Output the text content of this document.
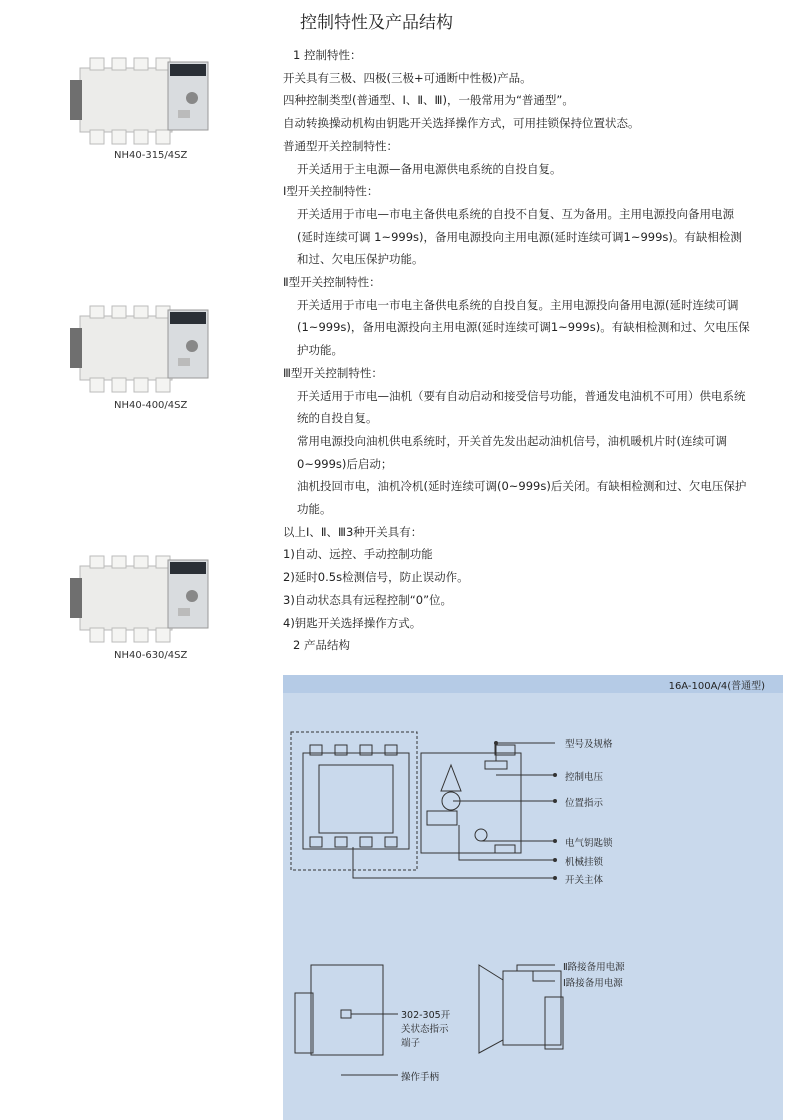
控制特性及产品结构
NH40-315/4SZ
NH40-400/4SZ
NH40-630/4SZ

1 控制特性：

开关具有三极、四极(三极+可通断中性极)产品。

四种控制类型(普通型、Ⅰ、Ⅱ、Ⅲ)，一般常用为“普通型”。

自动转换操动机构由钥匙开关选择操作方式，可用挂锁保持位置状态。

普通型开关控制特性：

开关适用于主电源—备用电源供电系统的自投自复。

Ⅰ型开关控制特性：

开关适用于市电—市电主备供电系统的自投不自复、互为备用。主用电源投向备用电源

(延时连续可调 1~999s)，备用电源投向主用电源(延时连续可调1~999s)。有缺相检测

和过、欠电压保护功能。

Ⅱ型开关控制特性：

开关适用于市电一市电主备供电系统的自投自复。主用电源投向备用电源(延时连续可调

(1~999s)，备用电源投向主用电源(延时连续可调1~999s)。有缺相检测和过、欠电压保

护功能。

Ⅲ型开关控制特性：

开关适用于市电—油机（要有自动启动和接受信号功能，普通发电油机不可用）供电系统

统的自投自复。

常用电源投向油机供电系统时，开关首先发出起动油机信号，油机暖机片时(连续可调

0~999s)后启动；

油机投回市电，油机冷机(延时连续可调(0~999s)后关闭。有缺相检测和过、欠电压保护

功能。

以上Ⅰ、Ⅱ、Ⅲ3种开关具有：

1)自动、远控、手动控制功能

2)延时0.5s检测信号，防止误动作。

3)自动状态具有远程控制“0”位。

4)钥匙开关选择操作方式。

2 产品结构

16A-100A/4(普通型)
型号及规格
控制电压
位置指示
电气钥匙锁
机械挂锁
开关主体
Ⅱ路接备用电源
Ⅰ路接备用电源
302-305开
关状态指示
端子
操作手柄
